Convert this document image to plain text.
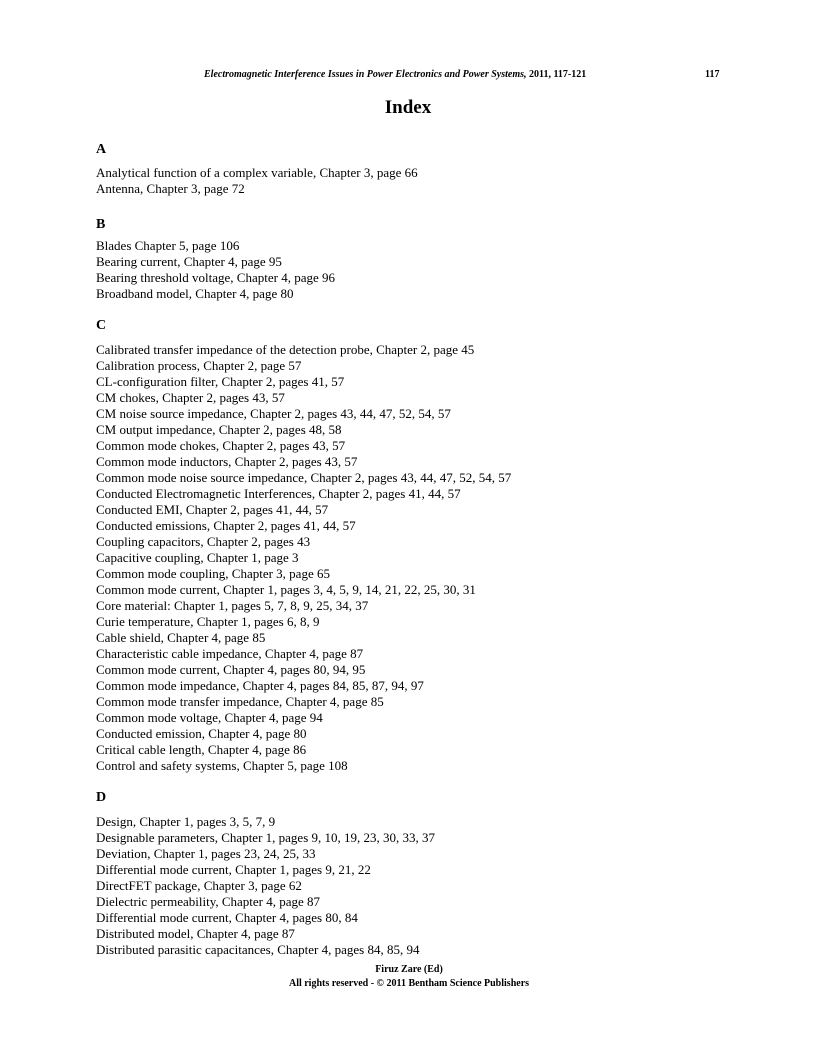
Electromagnetic Interference Issues in Power Electronics and Power Systems, 2011, 117-121	117
Index
A
Analytical function of a complex variable, Chapter 3, page 66
Antenna, Chapter 3, page 72
B
Blades Chapter 5, page 106
Bearing current, Chapter 4, page 95
Bearing threshold voltage, Chapter 4, page 96
Broadband model, Chapter 4, page 80
C
Calibrated transfer impedance of the detection probe, Chapter 2, page 45
Calibration process, Chapter 2, page 57
CL-configuration filter, Chapter 2, pages 41, 57
CM chokes, Chapter 2, pages 43, 57
CM noise source impedance, Chapter 2, pages 43, 44, 47, 52, 54, 57
CM output impedance, Chapter 2, pages 48, 58
Common mode chokes, Chapter 2, pages 43, 57
Common mode inductors, Chapter 2, pages 43, 57
Common mode noise source impedance, Chapter 2, pages 43, 44, 47, 52, 54, 57
Conducted Electromagnetic Interferences, Chapter 2, pages 41, 44, 57
Conducted EMI, Chapter 2, pages 41, 44, 57
Conducted emissions, Chapter 2, pages 41, 44, 57
Coupling capacitors, Chapter 2, pages 43
Capacitive coupling, Chapter 1, page 3
Common mode coupling, Chapter 3, page 65
Common mode current, Chapter 1, pages 3, 4, 5, 9, 14, 21, 22, 25, 30, 31
Core material: Chapter 1, pages 5, 7, 8, 9, 25, 34, 37
Curie temperature, Chapter 1, pages 6, 8, 9
Cable shield, Chapter 4, page 85
Characteristic cable impedance, Chapter 4, page 87
Common mode current, Chapter 4, pages 80, 94, 95
Common mode impedance, Chapter 4, pages 84, 85, 87, 94, 97
Common mode transfer impedance, Chapter 4, page 85
Common mode voltage, Chapter 4, page 94
Conducted emission, Chapter 4, page 80
Critical cable length, Chapter 4, page 86
Control and safety systems, Chapter 5, page 108
D
Design, Chapter 1, pages 3, 5, 7, 9
Designable parameters, Chapter 1, pages 9, 10, 19, 23, 30, 33, 37
Deviation, Chapter 1, pages 23, 24, 25, 33
Differential mode current, Chapter 1, pages 9, 21, 22
DirectFET package, Chapter 3, page 62
Dielectric permeability, Chapter 4, page 87
Differential mode current, Chapter 4, pages 80, 84
Distributed model, Chapter 4, page 87
Distributed parasitic capacitances, Chapter 4, pages 84, 85, 94
Firuz Zare (Ed)
All rights reserved - © 2011 Bentham Science Publishers
